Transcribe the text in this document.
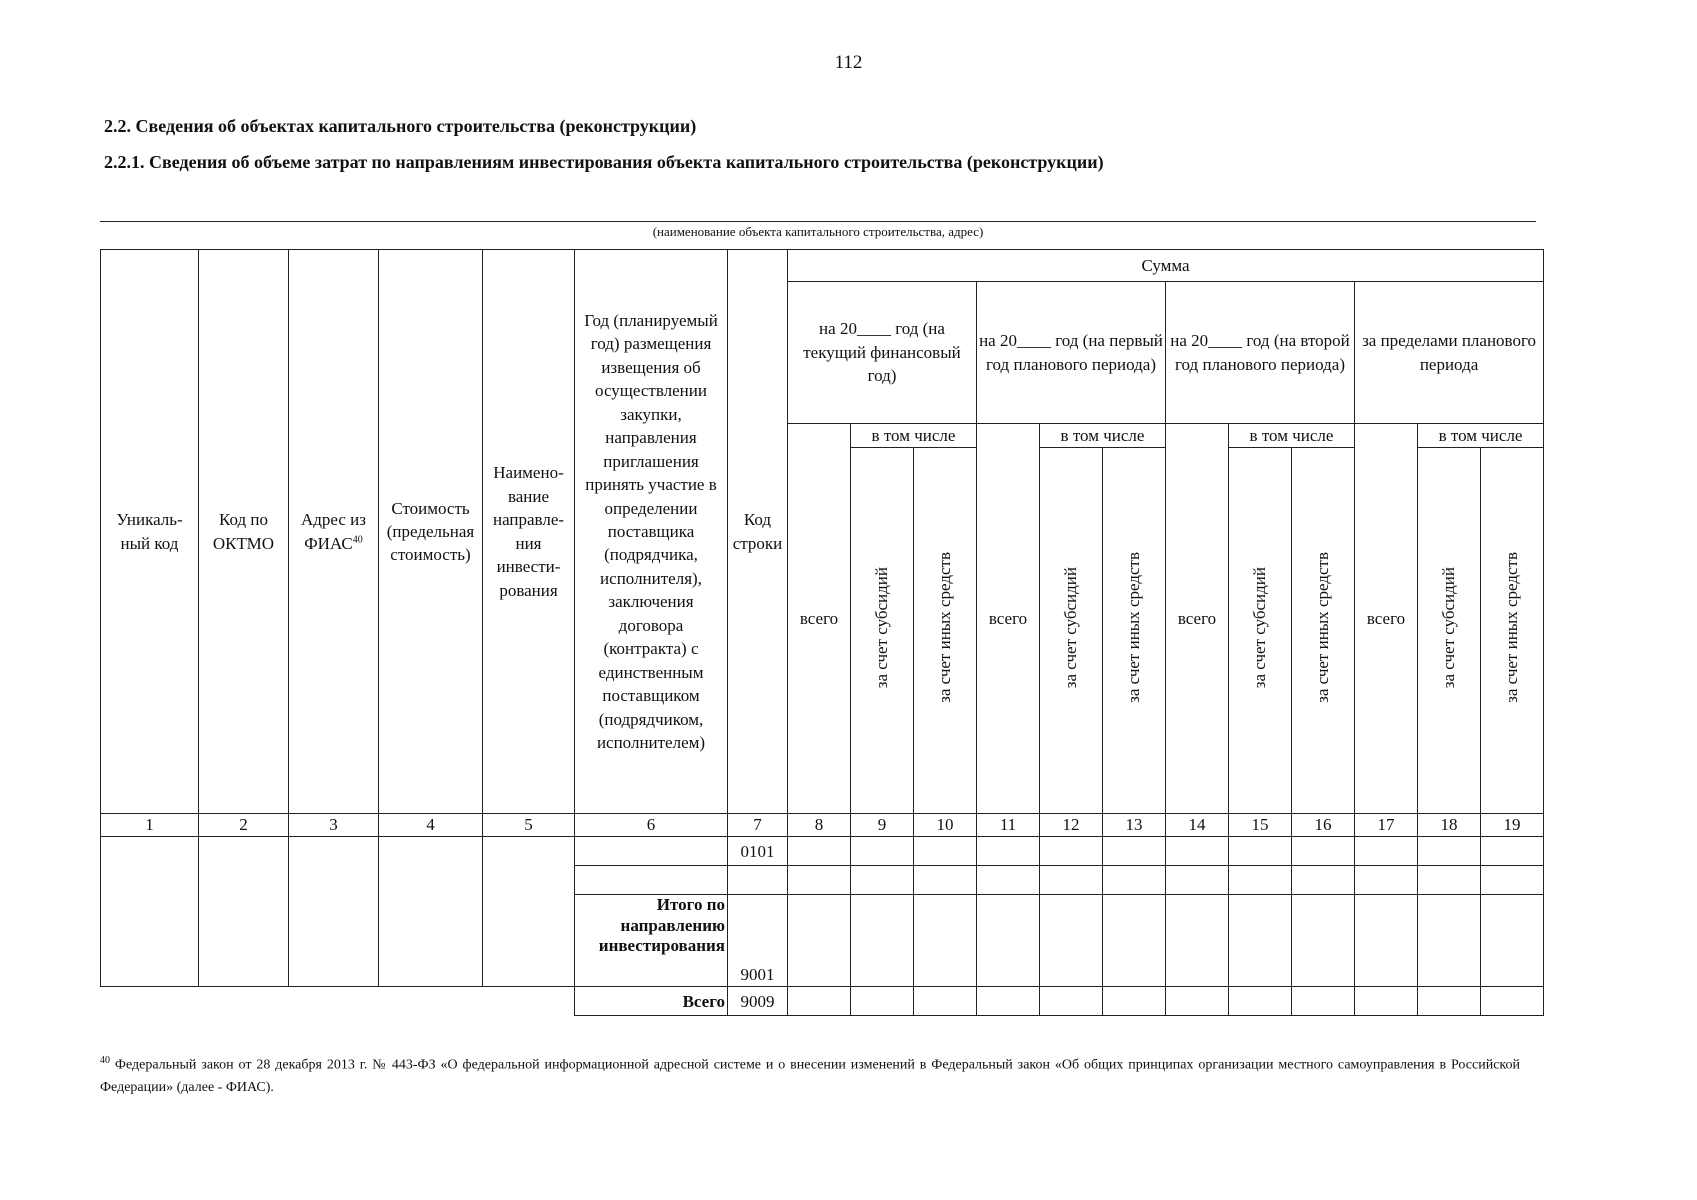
112
2.2. Сведения об объектах капитального строительства (реконструкции)
2.2.1. Сведения об объеме затрат по направлениям инвестирования объекта капитального строительства (реконструкции)
(наименование объекта капитального строительства, адрес)
Уникаль-ный код	Код по ОКТМО	Адрес из ФИАС$^{40}$	Стоимость (предельная стоимость)	Наимено-вание направле-ния инвести-рования	Год (планируемый год) размещения извещения об осуществлении закупки, направления приглашения принять участие в определении поставщика (подрядчика, исполнителя), заключения договора (контракта) с единственным поставщиком (подрядчиком, исполнителем)	Код строки	Сумма											
							на 20____ год (на текущий финансовый год)			на 20____ год (на первый год планового периода)			на 20____ год (на второй год планового периода)			за пределами планового периода		
							всего	в том числе		всего	в том числе		всего	в том числе		всего	в том числе	
								за счет субсидий	за счет иных средств		за счет субсидий	за счет иных средств		за счет субсидий	за счет иных средств		за счет субсидий	за счет иных средств
1	2	3	4	5	6	7	8	9	10	11	12	13	14	15	16	17	18	19
						0101												

					Итого по направлению инвестирования	9001												
					Всего	9009												
$^{40}$ Федеральный закон от 28 декабря 2013 г. № 443-ФЗ «О федеральной информационной адресной системе и о внесении изменений в Федеральный закон «Об общих принципах организации местного самоуправления в Российской Федерации» (далее - ФИАС).
